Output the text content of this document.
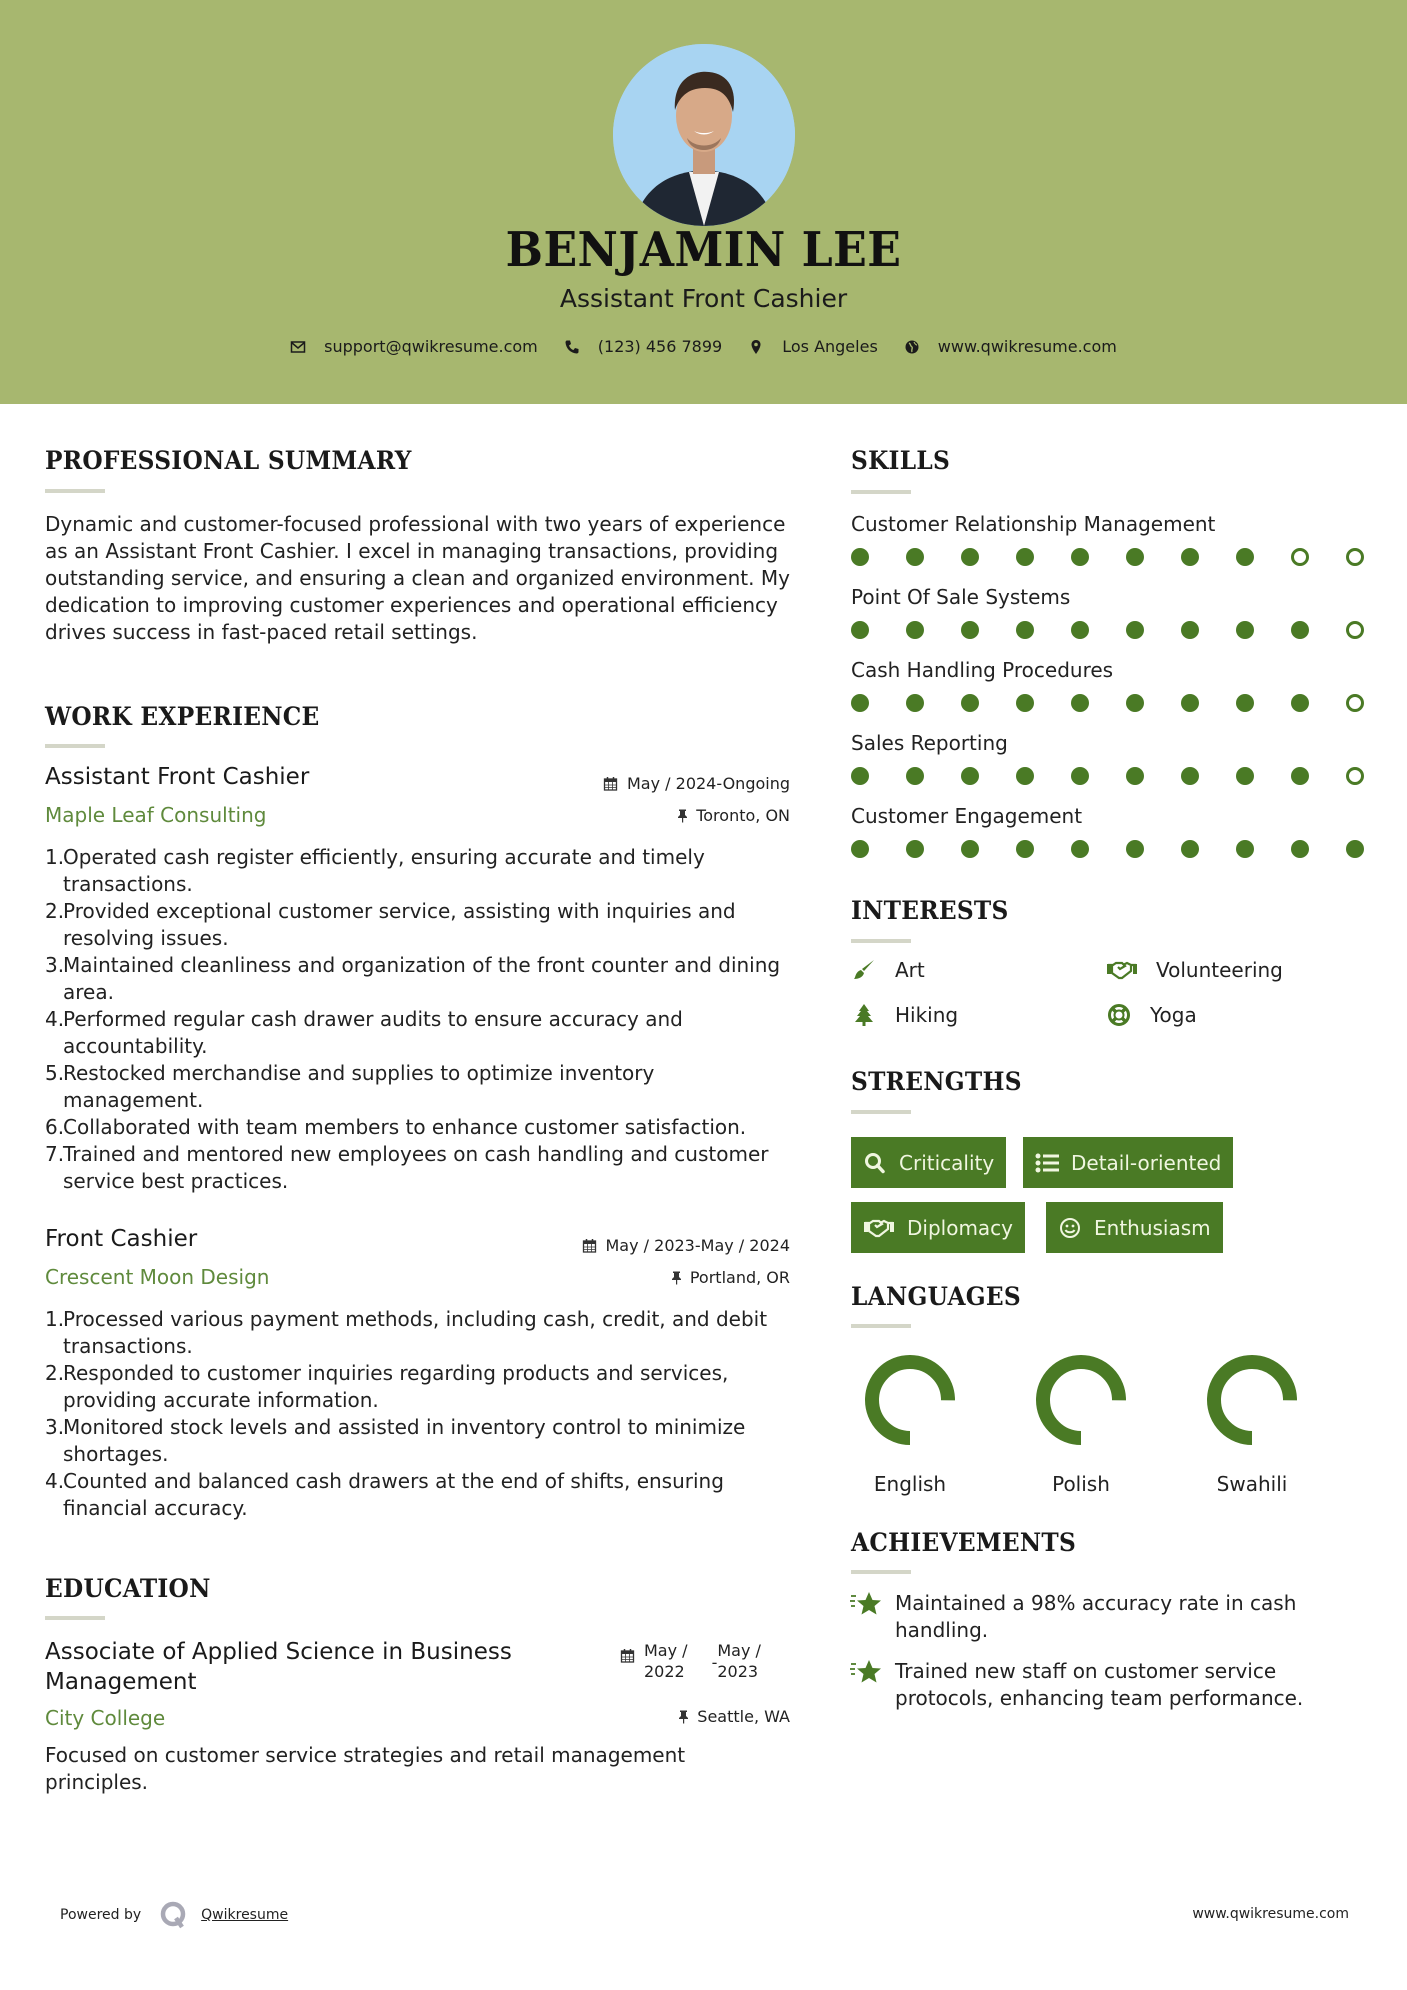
BENJAMIN LEE
Assistant Front Cashier
support@qwikresume.com	(123) 456 7899	Los Angeles	www.qwikresume.com
PROFESSIONAL SUMMARY
Dynamic and customer-focused professional with two years of experience as an Assistant Front Cashier. I excel in managing transactions, providing outstanding service, and ensuring a clean and organized environment. My dedication to improving customer experiences and operational efficiency drives success in fast-paced retail settings.
WORK EXPERIENCE
Assistant Front Cashier	May / 2024-Ongoing
Maple Leaf Consulting	Toronto, ON
1.
Operated cash register efficiently, ensuring accurate and timely transactions.
2.
Provided exceptional customer service, assisting with inquiries and resolving issues.
3.
Maintained cleanliness and organization of the front counter and dining area.
4.
Performed regular cash drawer audits to ensure accuracy and accountability.
5.
Restocked merchandise and supplies to optimize inventory management.
6.
Collaborated with team members to enhance customer satisfaction.
7.
Trained and mentored new employees on cash handling and customer service best practices.
Front Cashier	May / 2023-May / 2024
Crescent Moon Design	Portland, OR
1.
Processed various payment methods, including cash, credit, and debit transactions.
2.
Responded to customer inquiries regarding products and services, providing accurate information.
3.
Monitored stock levels and assisted in inventory control to minimize shortages.
4.
Counted and balanced cash drawers at the end of shifts, ensuring financial accuracy.
EDUCATION
Associate of Applied Science in Business
Management
May /
2022 -
May /
2023
City College	Seattle, WA
Focused on customer service strategies and retail management principles.
SKILLS
Customer Relationship Management
Point Of Sale Systems
Cash Handling Procedures
Sales Reporting
Customer Engagement
INTERESTS
Art	Volunteering
Hiking	Yoga
STRENGTHS
Criticality	Detail-oriented
Diplomacy	Enthusiasm
LANGUAGES
English	Polish	Swahili
ACHIEVEMENTS
Maintained a 98% accuracy rate in cash
handling.
Trained new staff on customer service
protocols, enhancing team performance.
Powered by	Qwikresume	www.qwikresume.com
